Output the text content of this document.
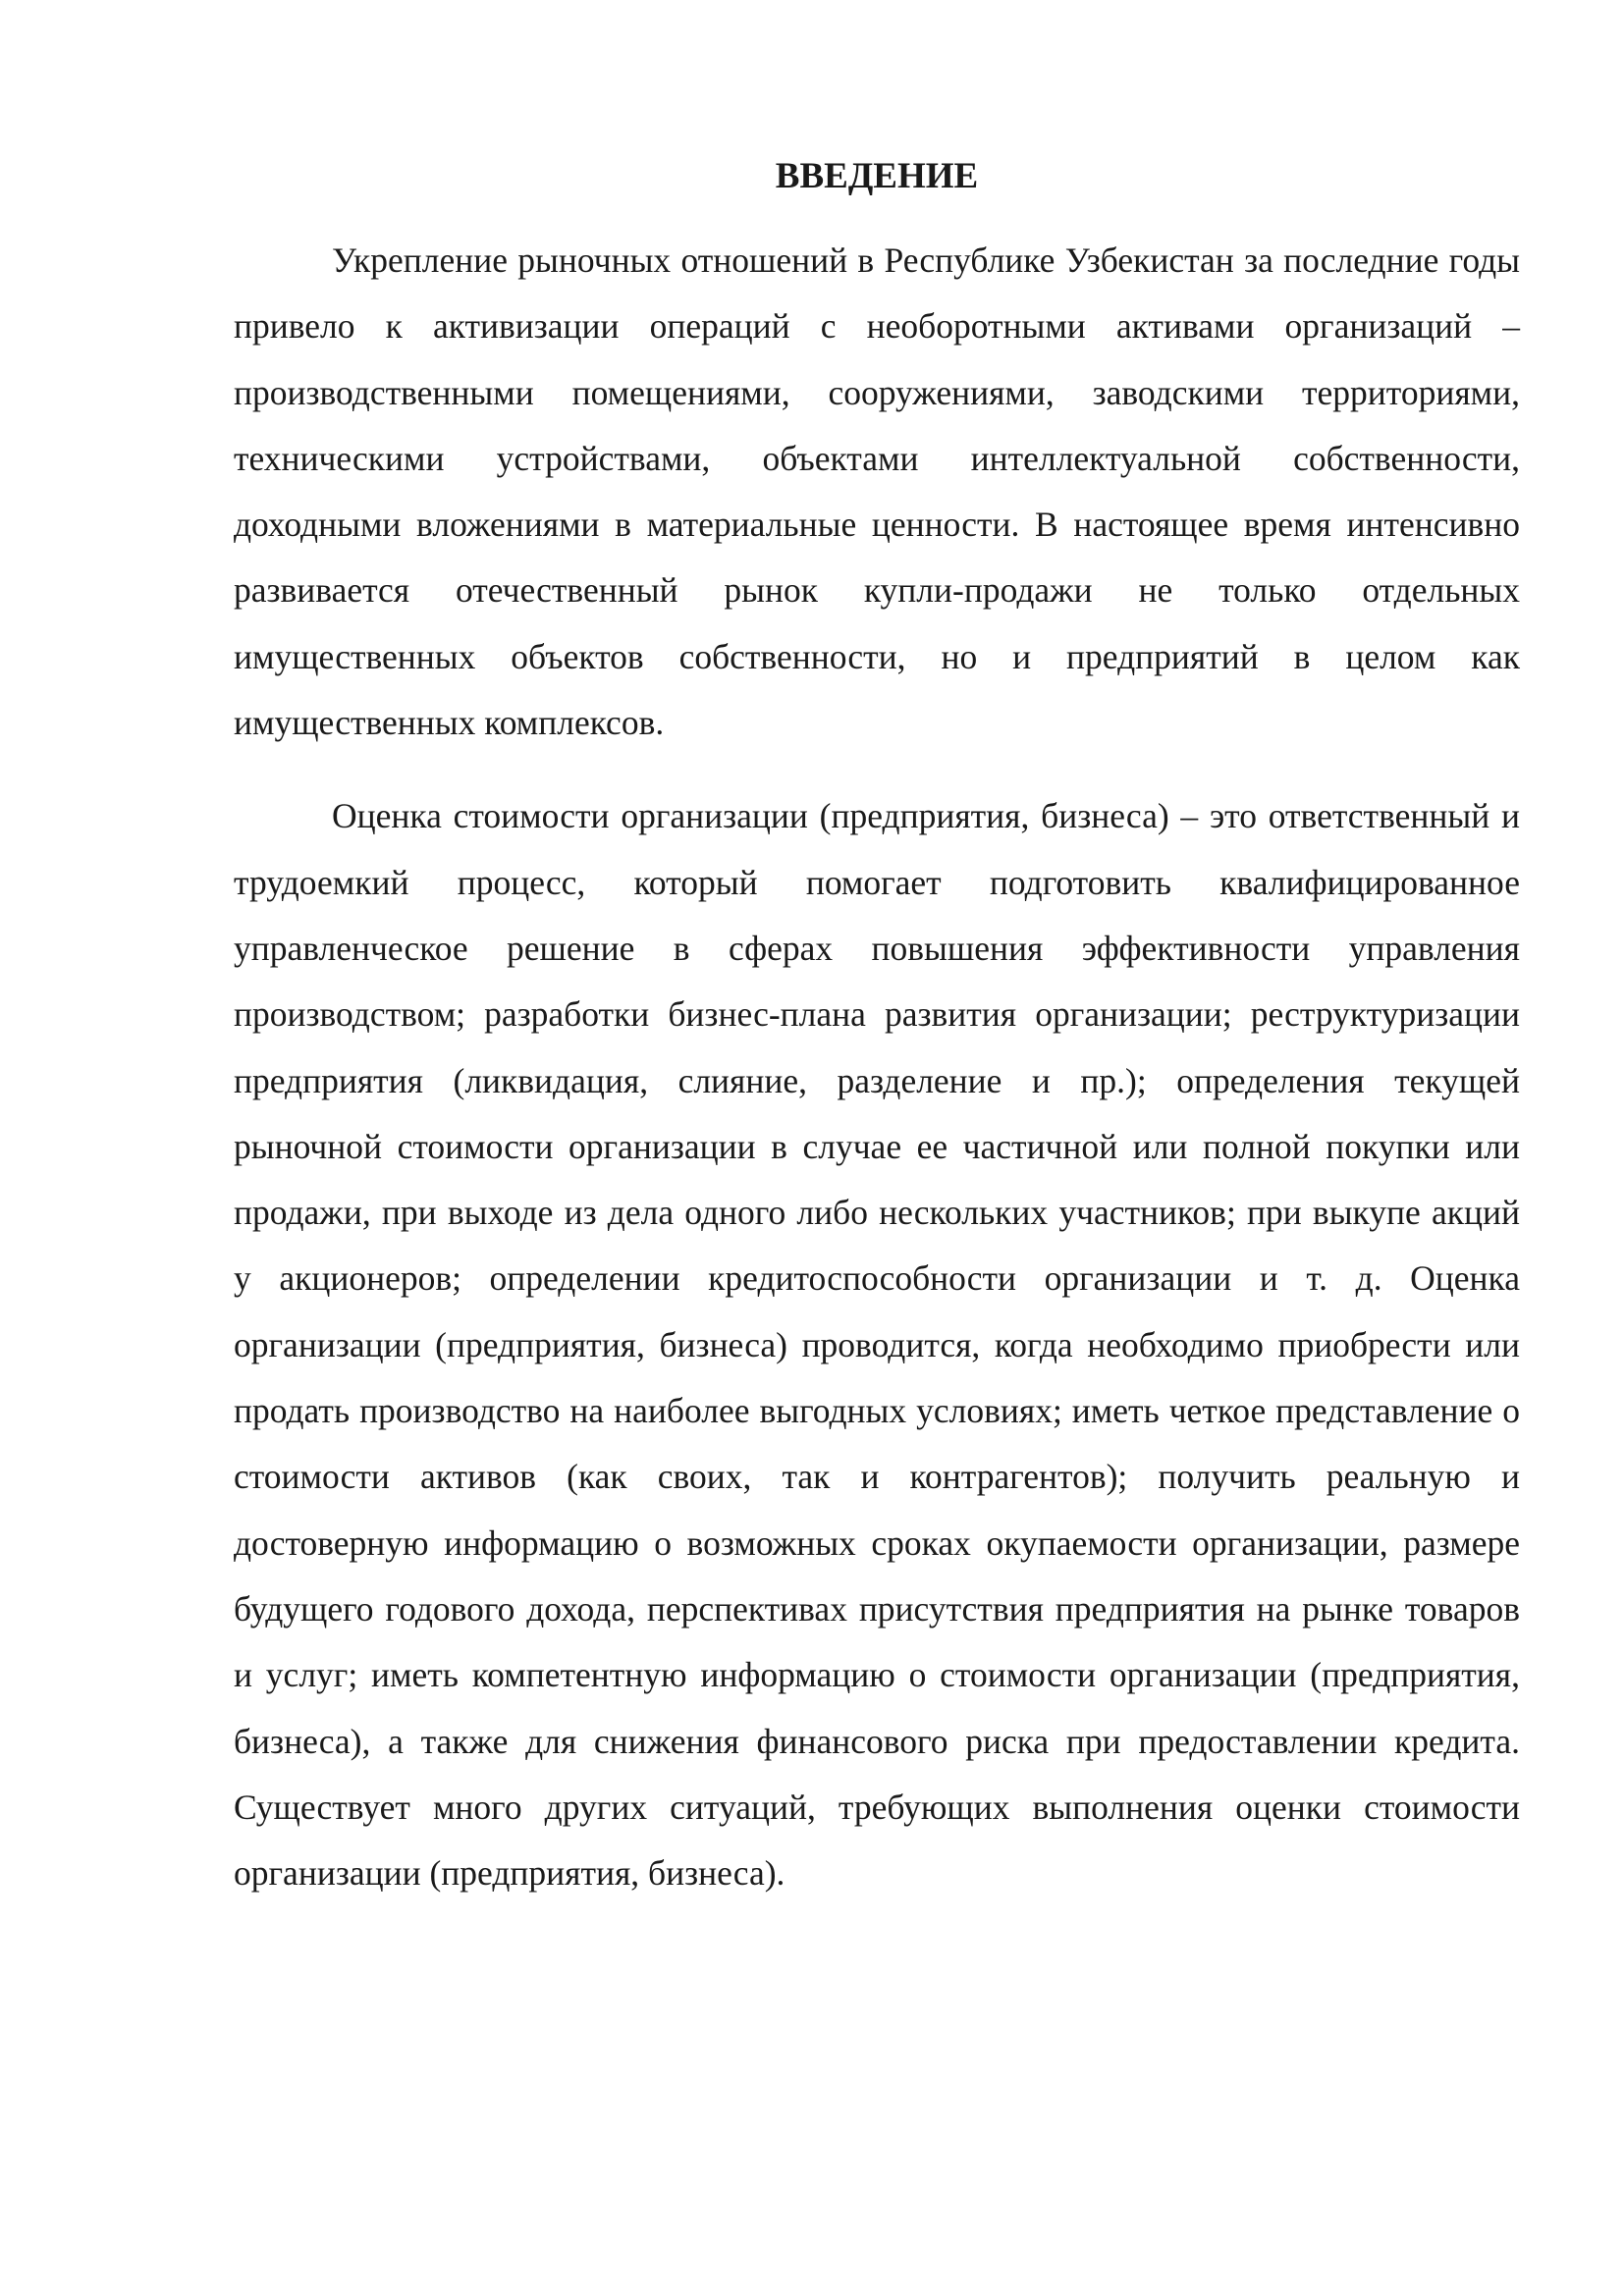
ВВЕДЕНИЕ

Укрепление рыночных отношений в Республике Узбекистан за последние годы привело к активизации операций с необоротными активами организаций – производственными помещениями, сооружениями, заводскими территориями, техническими устройствами, объектами интеллектуальной собственности, доходными вложениями в материальные ценности. В настоящее время интенсивно развивается отечественный рынок купли-продажи не только отдельных имущественных объектов собственности, но и предприятий в целом как имущественных комплексов.

Оценка стоимости организации (предприятия, бизнеса) – это ответственный и трудоемкий процесс, который помогает подготовить квалифицированное управленческое решение в сферах повышения эффективности управления производством; разработки бизнес-плана развития организации; реструктуризации предприятия (ликвидация, слияние, разделение и пр.); определения текущей рыночной стоимости организации в случае ее частичной или полной покупки или продажи, при выходе из дела одного либо нескольких участников; при выкупе акций у акционеров; определении кредитоспособности организации и т. д. Оценка организации (предприятия, бизнеса) проводится, когда необходимо приобрести или продать производство на наиболее выгодных условиях; иметь четкое представление о стоимости активов (как своих, так и контрагентов); получить реальную и достоверную информацию о возможных сроках окупаемости организации, размере будущего годового дохода, перспективах присутствия предприятия на рынке товаров и услуг; иметь компетентную информацию о стоимости организации (предприятия, бизнеса), а также для снижения финансового риска при предоставлении кредита. Существует много других ситуаций, требующих выполнения оценки стоимости организации (предприятия, бизнеса).
